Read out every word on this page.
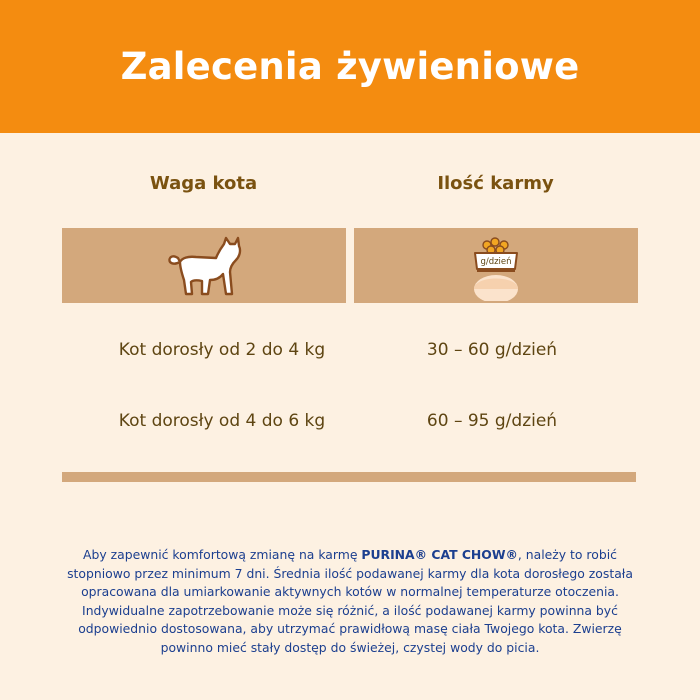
Zalecenia żywieniowe
Waga kota	Ilość karmy
g/dzień
Kot dorosły od 2 do 4 kg	30 – 60 g/dzień
Kot dorosły od 4 do 6 kg	60 – 95 g/dzień

Aby zapewnić komfortową zmianę na karmę PURINA® CAT CHOW®, należy to robić stopniowo przez minimum 7 dni. Średnia ilość podawanej karmy dla kota dorosłego została opracowana dla umiarkowanie aktywnych kotów w normalnej temperaturze otoczenia. Indywidualne zapotrzebowanie może się różnić, a ilość podawanej karmy powinna być odpowiednio dostosowana, aby utrzymać prawidłową masę ciała Twojego kota. Zwierzę powinno mieć stały dostęp do świeżej, czystej wody do picia.
